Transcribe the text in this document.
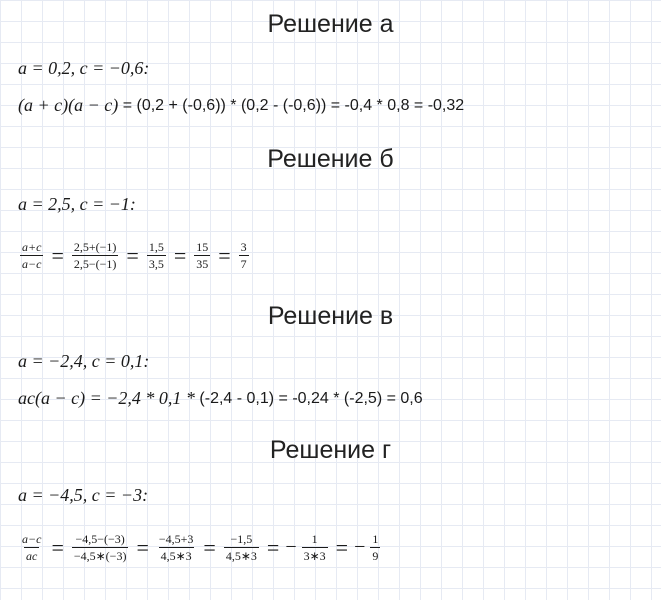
Решение а
a = 0,2, c = −0,6:
(a + c)(a − c) = (0,2 + (-0,6)) * (0,2 - (-0,6)) = -0,4 * 0,8 = -0,32
Решение б
a = 2,5, c = −1:
$\frac{a+c}{a-c} = \frac{2,5+(-1)}{2,5-(-1)} = \frac{1,5}{3,5} = \frac{15}{35} = \frac{3}{7}$
Решение в
a = −2,4, c = 0,1:
ac(a − c) = −2,4 * 0,1 * (-2,4 - 0,1) = -0,24 * (-2,5) = 0,6
Решение г
a = −4,5, c = −3:
$\frac{a-c}{ac} = \frac{-4,5-(-3)}{-4,5∗(-3)} = \frac{-4,5+3}{4,5∗3} = \frac{-1,5}{4,5∗3}$ = − $\frac{1}{3∗3}$ = − $\frac{1}{9}$
